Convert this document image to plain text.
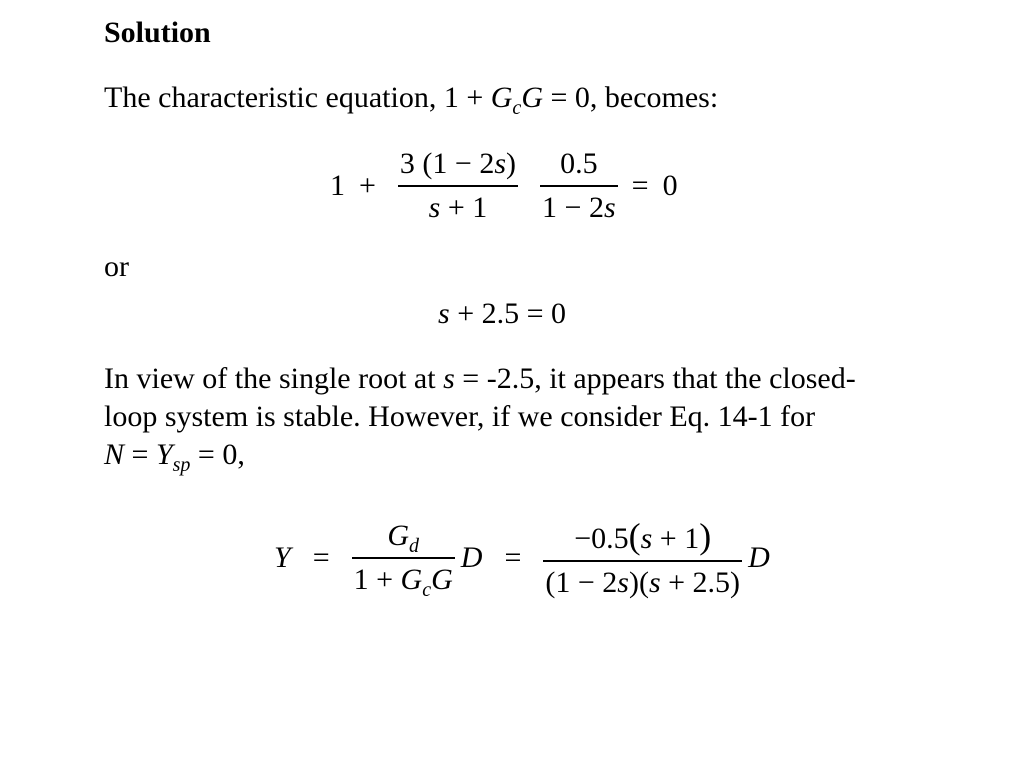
Solution
The characteristic equation, $1 + G_cG = 0$, becomes:
$1 + \frac{3 (1 - 2s)}{s + 1} \frac{0.5}{1 - 2s} = 0$
or
s + 2.5 = 0
In view of the single root at s = -2.5, it appears that the closed-
loop system is stable. However, if we consider Eq. 14-1 for
$N = Y_{sp} = 0$,
$Y = \frac{G_d}{1 + G_cG}$ $D = \frac{-0.5(s + 1)}{(1 - 2s)(s + 2.5)}$ D
